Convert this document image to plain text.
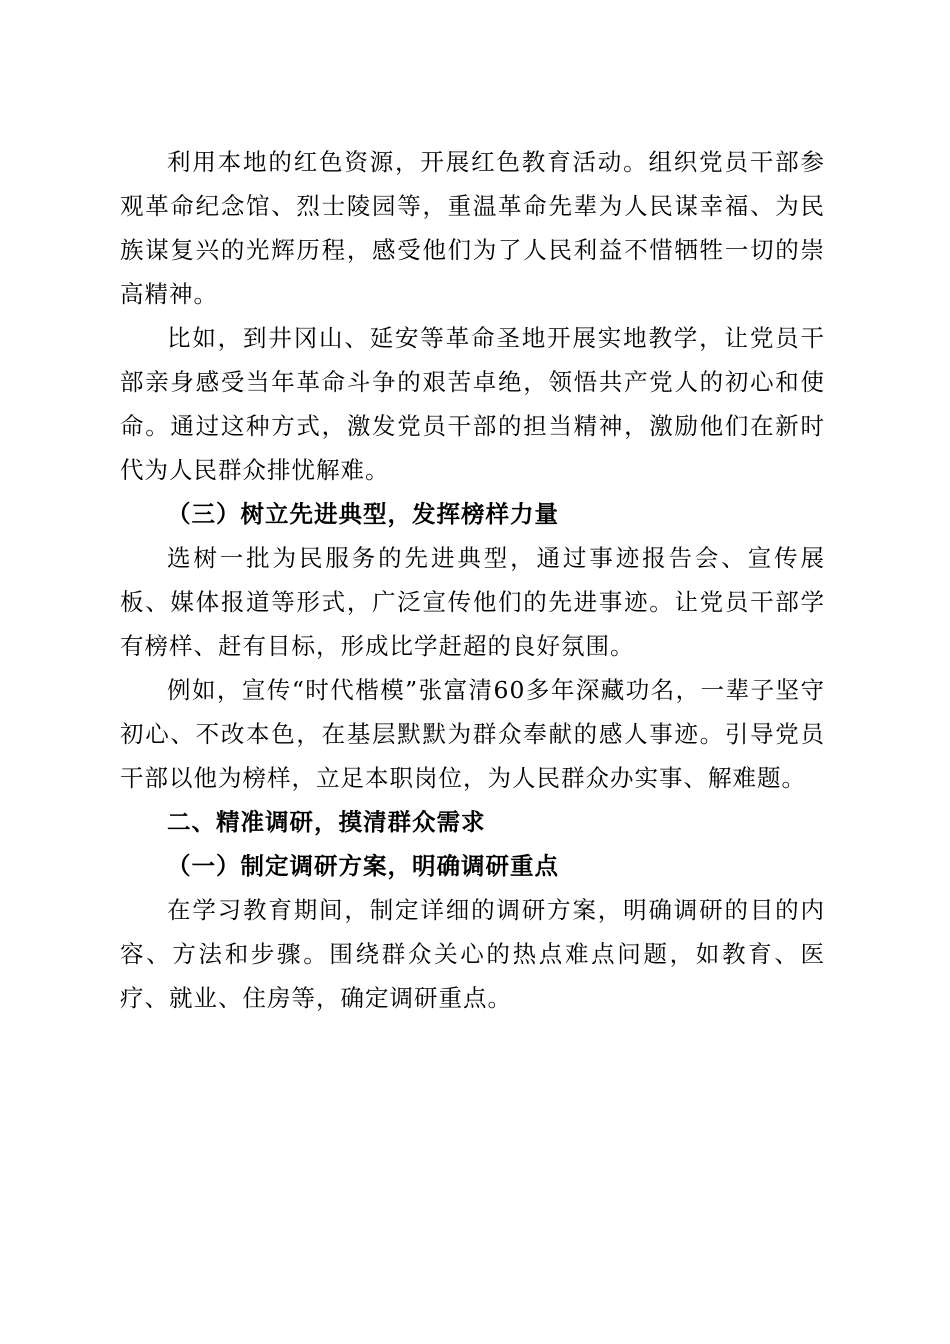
利用本地的红色资源，开展红色教育活动。组织党员干部参观革命纪念馆、烈士陵园等，重温革命先辈为人民谋幸福、为民族谋复兴的光辉历程，感受他们为了人民利益不惜牺牲一切的崇高精神。

比如，到井冈山、延安等革命圣地开展实地教学，让党员干部亲身感受当年革命斗争的艰苦卓绝，领悟共产党人的初心和使命。通过这种方式，激发党员干部的担当精神，激励他们在新时代为人民群众排忧解难。

（三）树立先进典型，发挥榜样力量

选树一批为民服务的先进典型，通过事迹报告会、宣传展板、媒体报道等形式，广泛宣传他们的先进事迹。让党员干部学有榜样、赶有目标，形成比学赶超的良好氛围。

例如，宣传“时代楷模”张富清60多年深藏功名，一辈子坚守初心、不改本色，在基层默默为群众奉献的感人事迹。引导党员干部以他为榜样，立足本职岗位，为人民群众办实事、解难题。

二、精准调研，摸清群众需求

（一）制定调研方案，明确调研重点

在学习教育期间，制定详细的调研方案，明确调研的目的内容、方法和步骤。围绕群众关心的热点难点问题，如教育、医疗、就业、住房等，确定调研重点。
